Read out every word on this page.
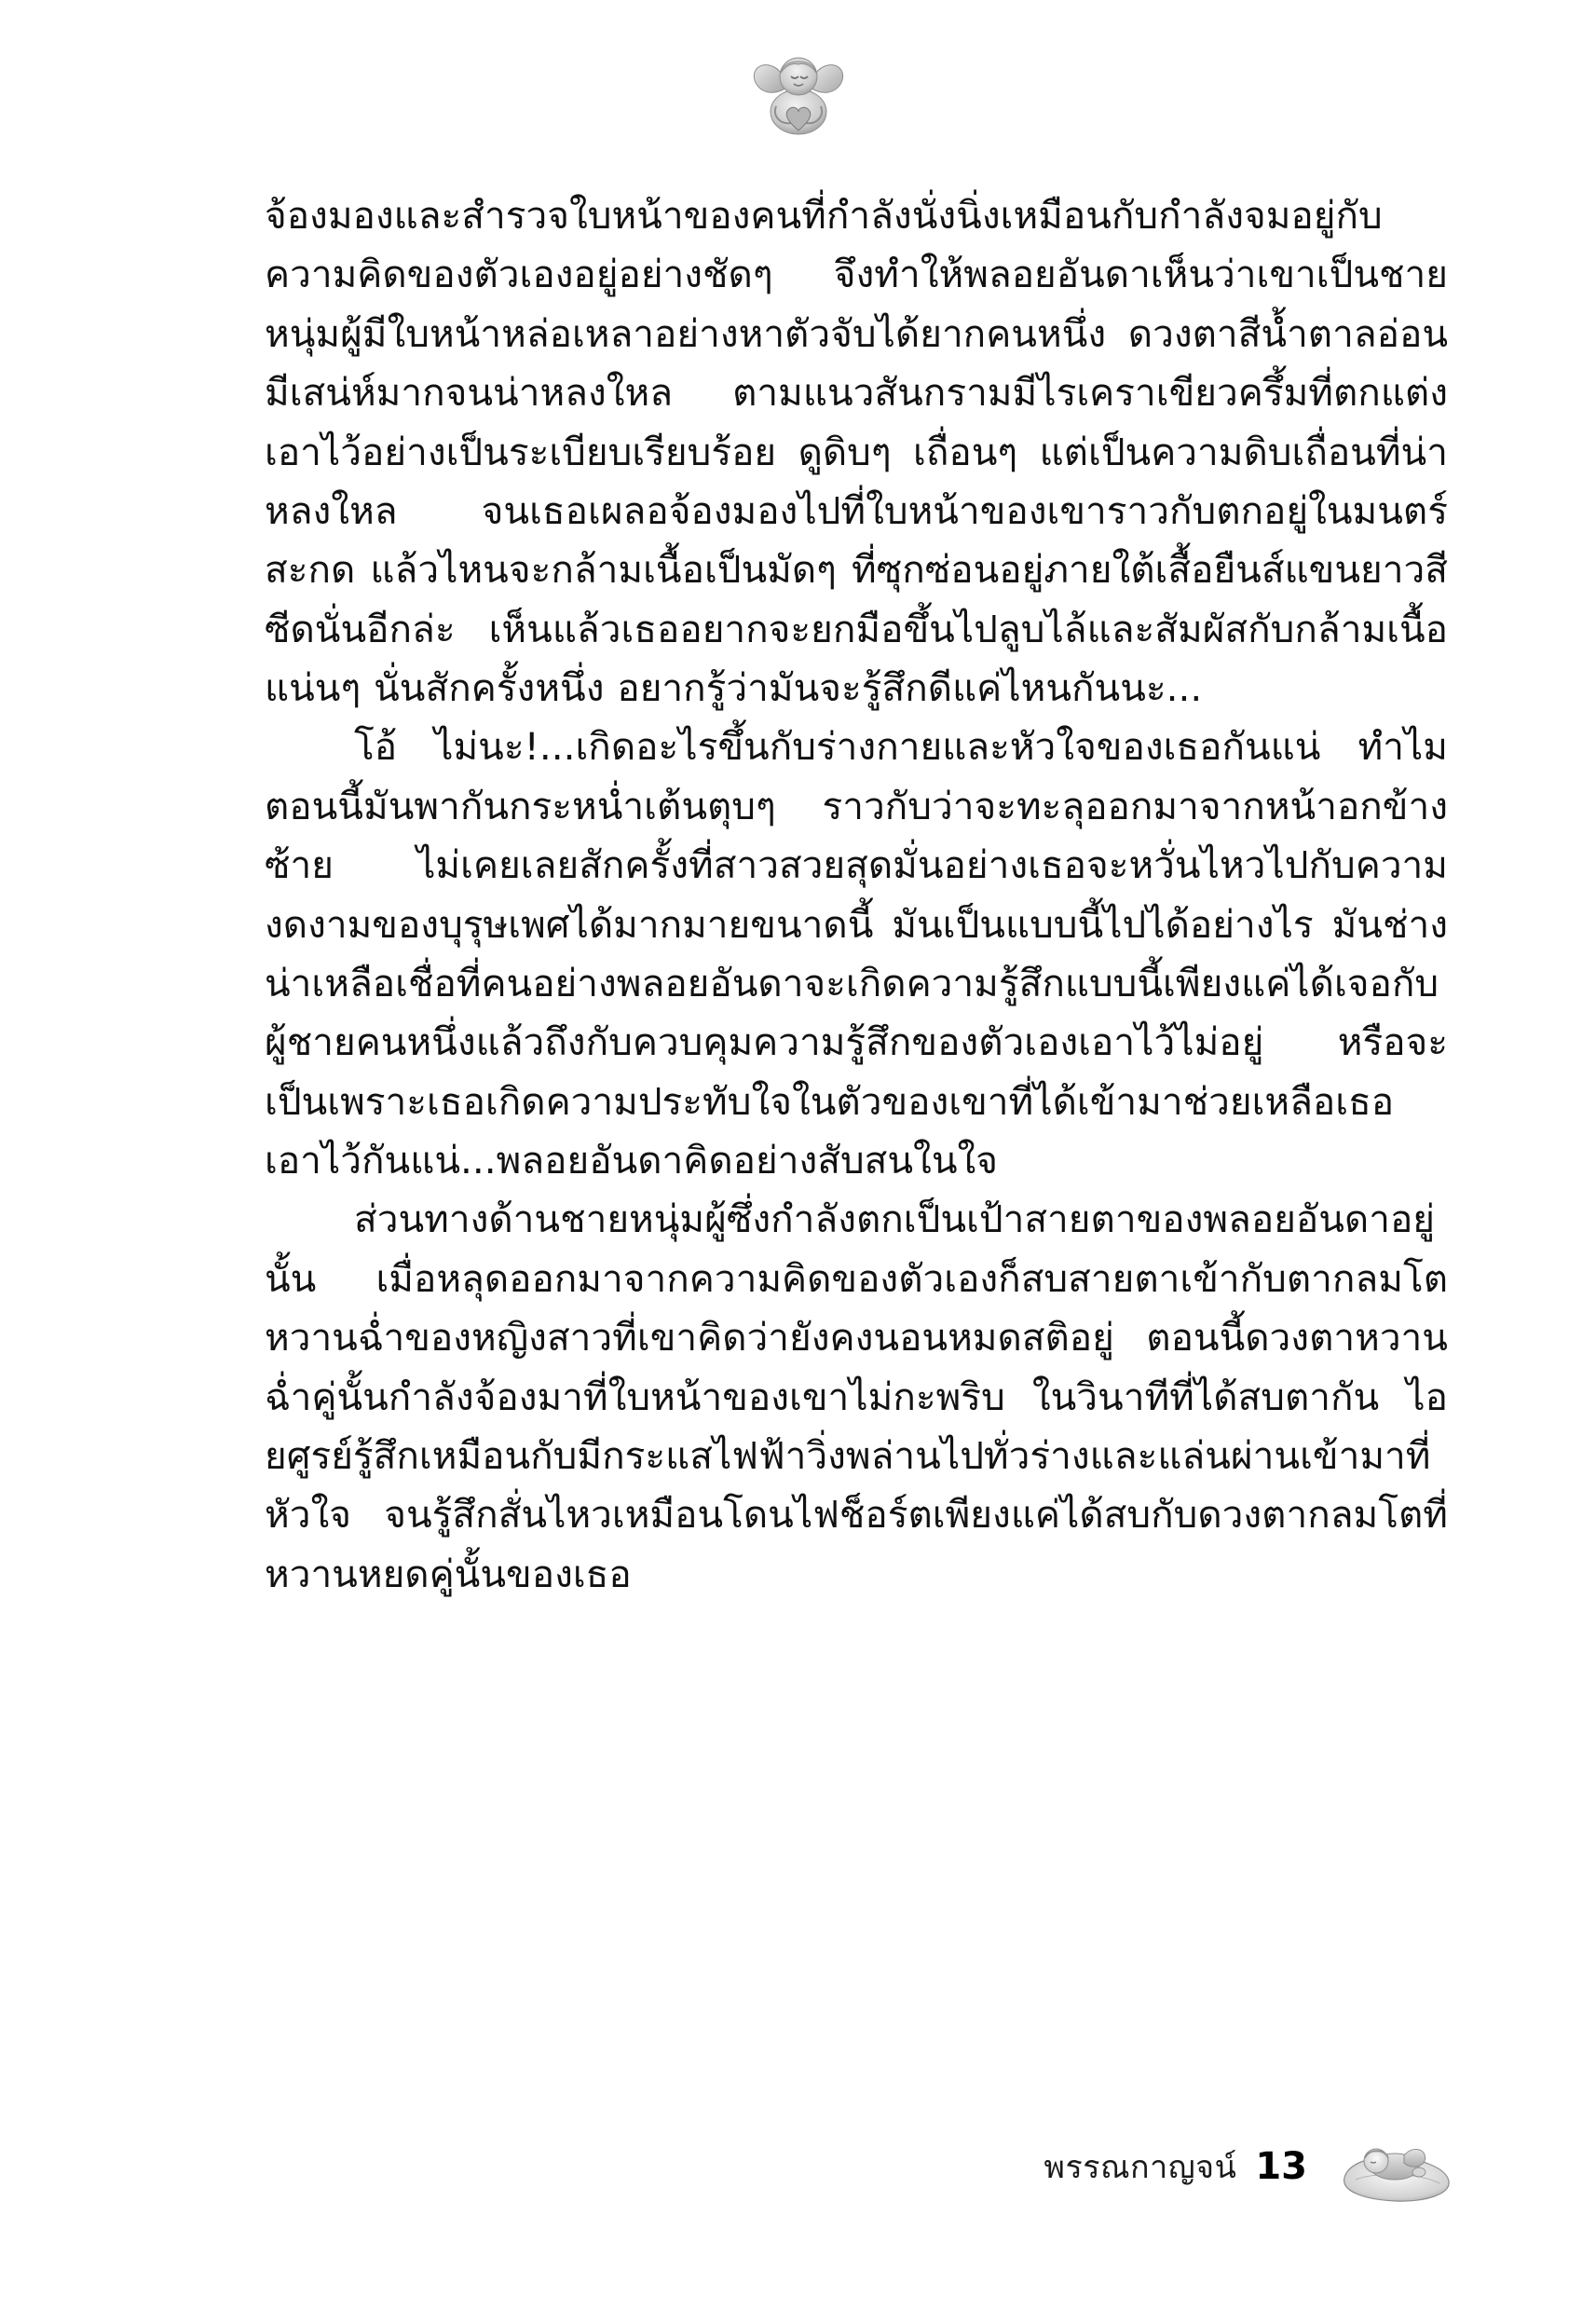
จ้องมองและสำรวจใบหน้าของคนที่กำลังนั่งนิ่งเหมือนกับกำลังจมอยู่กับความคิดของตัวเองอยู่อย่างชัดๆ จึงทำให้พลอยอันดาเห็นว่าเขาเป็นชายหนุ่มผู้มีใบหน้าหล่อเหลาอย่างหาตัวจับได้ยากคนหนึ่ง ดวงตาสีน้ำตาลอ่อนมีเสน่ห์มากจนน่าหลงใหล ตามแนวสันกรามมีไรเคราเขียวครึ้มที่ตกแต่งเอาไว้อย่างเป็นระเบียบเรียบร้อย ดูดิบๆ เถื่อนๆ แต่เป็นความดิบเถื่อนที่น่าหลงใหล จนเธอเผลอจ้องมองไปที่ใบหน้าของเขาราวกับตกอยู่ในมนตร์สะกด แล้วไหนจะกล้ามเนื้อเป็นมัดๆ ที่ซุกซ่อนอยู่ภายใต้เสื้อยืนส์แขนยาวสีซีดนั่นอีกล่ะ เห็นแล้วเธออยากจะยกมือขึ้นไปลูบไล้และสัมผัสกับกล้ามเนื้อแน่นๆ นั่นสักครั้งหนึ่ง อยากรู้ว่ามันจะรู้สึกดีแค่ไหนกันนะ...

โอ้ ไม่นะ!...เกิดอะไรขึ้นกับร่างกายและหัวใจของเธอกันแน่ ทำไมตอนนี้มันพากันกระหน่ำเต้นตุบๆ ราวกับว่าจะทะลุออกมาจากหน้าอกข้างซ้าย ไม่เคยเลยสักครั้งที่สาวสวยสุดมั่นอย่างเธอจะหวั่นไหวไปกับความงดงามของบุรุษเพศได้มากมายขนาดนี้ มันเป็นแบบนี้ไปได้อย่างไร มันช่างน่าเหลือเชื่อที่คนอย่างพลอยอันดาจะเกิดความรู้สึกแบบนี้เพียงแค่ได้เจอกับผู้ชายคนหนึ่งแล้วถึงกับควบคุมความรู้สึกของตัวเองเอาไว้ไม่อยู่ หรือจะเป็นเพราะเธอเกิดความประทับใจในตัวของเขาที่ได้เข้ามาช่วยเหลือเธอเอาไว้กันแน่...พลอยอันดาคิดอย่างสับสนในใจ

ส่วนทางด้านชายหนุ่มผู้ซึ่งกำลังตกเป็นเป้าสายตาของพลอยอันดาอยู่นั้น เมื่อหลุดออกมาจากความคิดของตัวเองก็สบสายตาเข้ากับตากลมโตหวานฉ่ำของหญิงสาวที่เขาคิดว่ายังคงนอนหมดสติอยู่ ตอนนี้ดวงตาหวานฉ่ำคู่นั้นกำลังจ้องมาที่ใบหน้าของเขาไม่กะพริบ ในวินาทีที่ได้สบตากัน ไอยศูรย์รู้สึกเหมือนกับมีกระแสไฟฟ้าวิ่งพล่านไปทั่วร่างและแล่นผ่านเข้ามาที่หัวใจ จนรู้สึกสั่นไหวเหมือนโดนไฟช็อร์ตเพียงแค่ได้สบกับดวงตากลมโตที่หวานหยดคู่นั้นของเธอ

พรรณกาญจน์ 13
